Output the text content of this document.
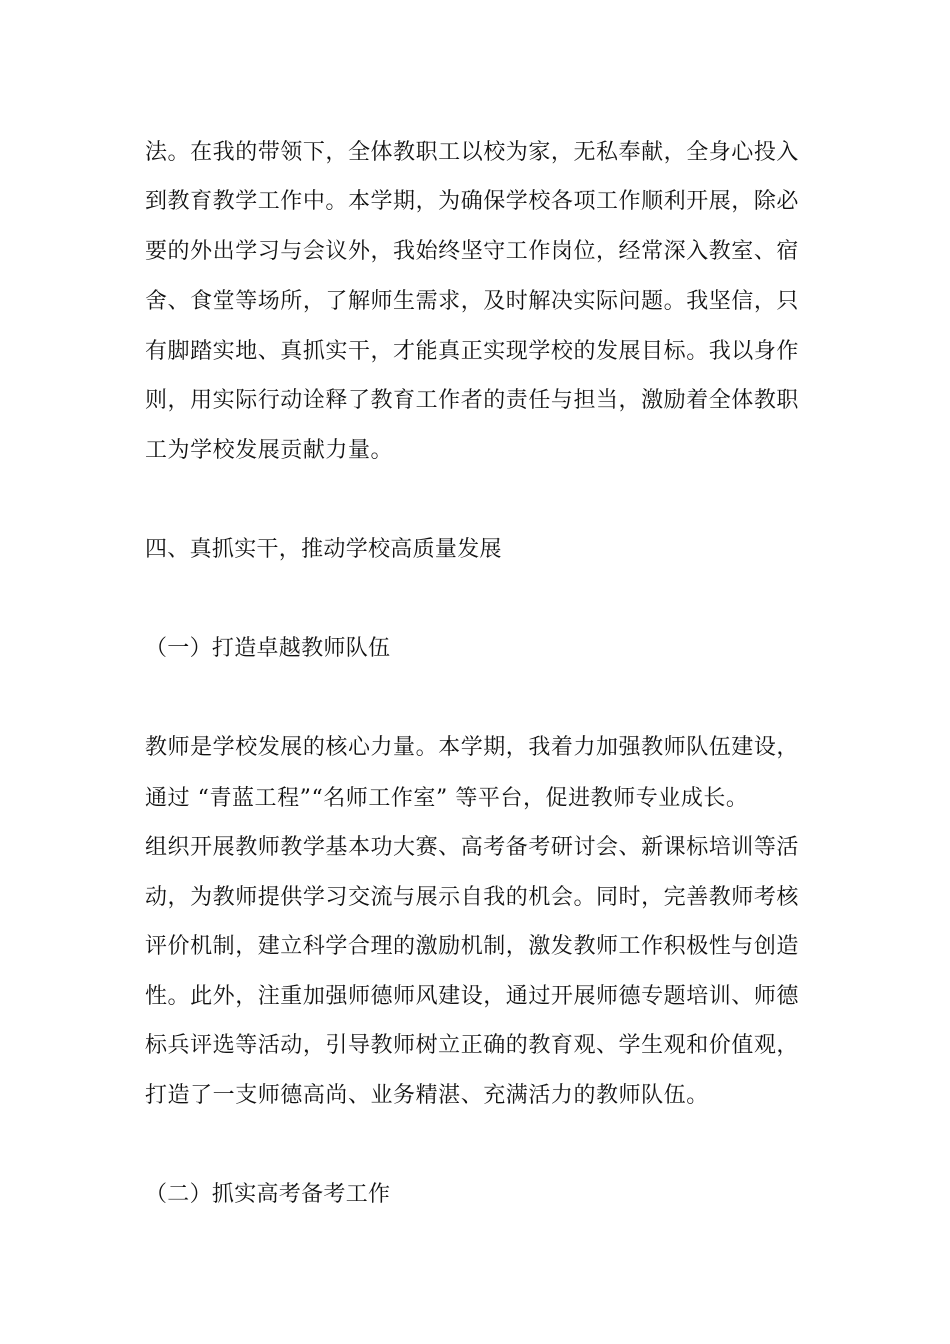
法。在我的带领下，全体教职工以校为家，无私奉献，全身心投入
到教育教学工作中。本学期，为确保学校各项工作顺利开展，除必
要的外出学习与会议外，我始终坚守工作岗位，经常深入教室、宿
舍、食堂等场所，了解师生需求，及时解决实际问题。我坚信，只
有脚踏实地、真抓实干，才能真正实现学校的发展目标。我以身作
则，用实际行动诠释了教育工作者的责任与担当，激励着全体教职
工为学校发展贡献力量。
四、真抓实干，推动学校高质量发展
（一）打造卓越教师队伍
教师是学校发展的核心力量。本学期，我着力加强教师队伍建设，
通过 “青蓝工程”“名师工作室” 等平台，促进教师专业成长。
组织开展教师教学基本功大赛、高考备考研讨会、新课标培训等活
动，为教师提供学习交流与展示自我的机会。同时，完善教师考核
评价机制，建立科学合理的激励机制，激发教师工作积极性与创造
性。此外，注重加强师德师风建设，通过开展师德专题培训、师德
标兵评选等活动，引导教师树立正确的教育观、学生观和价值观，
打造了一支师德高尚、业务精湛、充满活力的教师队伍。
（二）抓实高考备考工作
